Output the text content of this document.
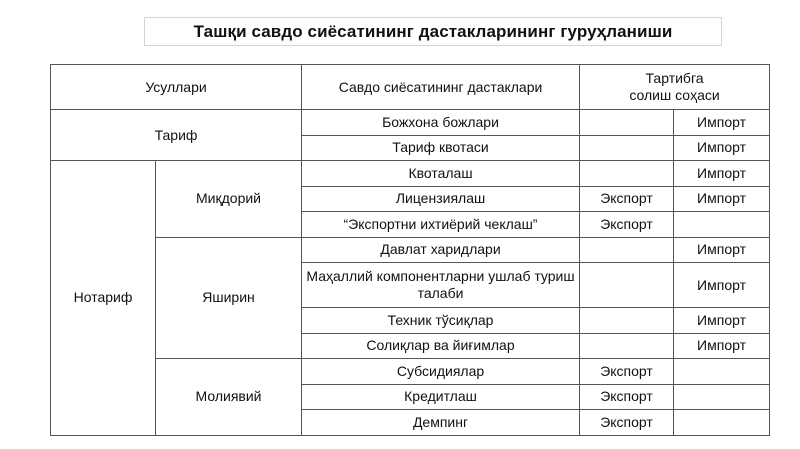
Ташқи савдо сиёсатининг дастакларининг гуруҳланиши
Усуллари		Савдо сиёсатининг дастаклари	Тартибга
солиш соҳаси	
Тариф		Божхона божлари		Импорт
		Тариф квотаси		Импорт
Нотариф	Миқдорий	Квоталаш		Импорт
		Лицензиялаш	Экспорт	Импорт
		“Экспортни ихтиёрий чеклаш”	Экспорт	
	Яширин	Давлат харидлари		Импорт
		Маҳаллий компонентларни ушлаб туриш талаби		Импорт
		Техник тўсиқлар		Импорт
		Солиқлар ва йиғимлар		Импорт
	Молиявий	Субсидиялар	Экспорт	
		Кредитлаш	Экспорт	
		Демпинг	Экспорт	
